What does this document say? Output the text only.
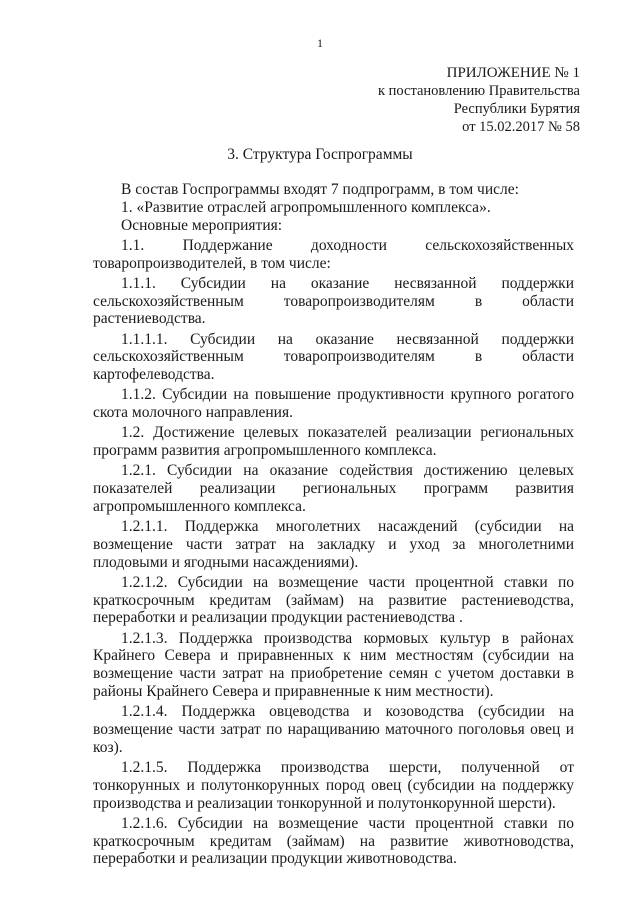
1
ПРИЛОЖЕНИЕ № 1
к постановлению Правительства
Республики Бурятия
от 15.02.2017 № 58
3. Структура Госпрограммы

В состав Госпрограммы входят 7 подпрограмм, в том числе:

1. «Развитие отраслей агропромышленного комплекса».

Основные мероприятия:

1.1. Поддержание доходности сельскохозяйственных товаропроизводителей, в том числе:

1.1.1. Субсидии на оказание несвязанной поддержки сельскохозяйственным товаропроизводителям в области растениеводства.

1.1.1.1. Субсидии на оказание несвязанной поддержки сельскохозяйственным товаропроизводителям в области картофелеводства.

1.1.2. Субсидии на повышение продуктивности крупного рогатого скота молочного направления.

1.2. Достижение целевых показателей реализации региональных программ развития агропромышленного комплекса.

1.2.1. Субсидии на оказание содействия достижению целевых показателей реализации региональных программ развития агропромышленного комплекса.

1.2.1.1. Поддержка многолетних насаждений (субсидии на возмещение части затрат на закладку и уход за многолетними плодовыми и ягодными насаждениями).

1.2.1.2. Субсидии на возмещение части процентной ставки по краткосрочным кредитам (займам) на развитие растениеводства, переработки и реализации продукции растениеводства .

1.2.1.3. Поддержка производства кормовых культур в районах Крайнего Севера и приравненных к ним местностям (субсидии на возмещение части затрат на приобретение семян с учетом доставки в районы Крайнего Севера и приравненные к ним местности).

1.2.1.4. Поддержка овцеводства и козоводства (субсидии на возмещение части затрат по наращиванию маточного поголовья овец и коз).

1.2.1.5. Поддержка производства шерсти, полученной от тонкорунных и полутонкорунных пород овец (субсидии на поддержку производства и реализации тонкорунной и полутонкорунной шерсти).

1.2.1.6. Субсидии на возмещение части процентной ставки по краткосрочным кредитам (займам) на развитие животноводства, переработки и реализации продукции животноводства.
